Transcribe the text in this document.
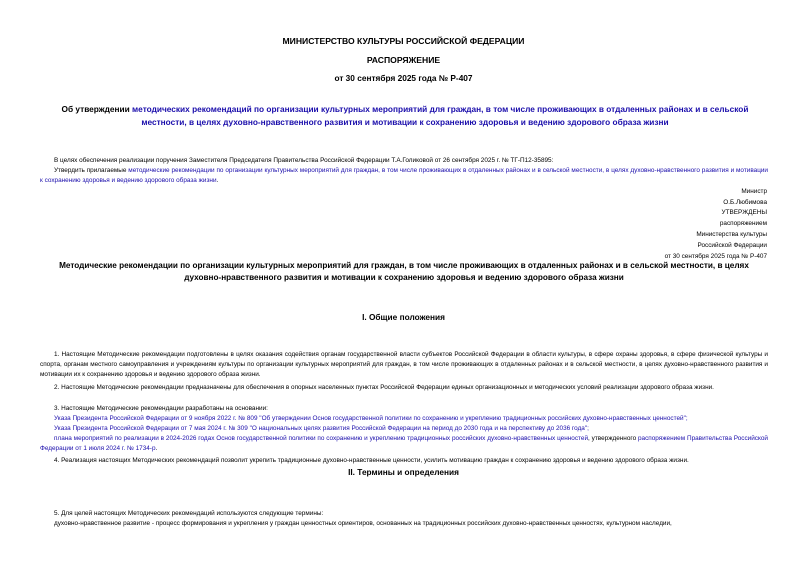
МИНИСТЕРСТВО КУЛЬТУРЫ РОССИЙСКОЙ ФЕДЕРАЦИИ
РАСПОРЯЖЕНИЕ
от 30 сентября 2025 года № Р-407
Об утверждении методических рекомендаций по организации культурных мероприятий для граждан, в том числе проживающих в отдаленных районах и в сельской местности, в целях духовно-нравственного развития и мотивации к сохранению здоровья и ведению здорового образа жизни
В целях обеспечения реализации поручения Заместителя Председателя Правительства Российской Федерации Т.А.Голиковой от 26 сентября 2025 г. № ТГ-П12-35895:
Утвердить прилагаемые методические рекомендации по организации культурных мероприятий для граждан, в том числе проживающих в отдаленных районах и в сельской местности, в целях духовно-нравственного развития и мотивации к сохранению здоровья и ведению здорового образа жизни.
Министр
О.Б.Любимова
УТВЕРЖДЕНЫ
распоряжением
Министерства культуры
Российской Федерации
от 30 сентября 2025 года № Р-407
Методические рекомендации по организации культурных мероприятий для граждан, в том числе проживающих в отдаленных районах и в сельской местности, в целях духовно-нравственного развития и мотивации к сохранению здоровья и ведению здорового образа жизни
I. Общие положения
1. Настоящие Методические рекомендации подготовлены в целях оказания содействия органам государственной власти субъектов Российской Федерации в области культуры, в сфере охраны здоровья, в сфере физической культуры и спорта, органам местного самоуправления и учреждениям культуры по организации культурных мероприятий для граждан, в том числе проживающих в отдаленных районах и в сельской местности, в целях духовно-нравственного развития и мотивации их к сохранению здоровья и ведению здорового образа жизни.
2. Настоящие Методические рекомендации предназначены для обеспечения в опорных населенных пунктах Российской Федерации единых организационных и методических условий реализации здорового образа жизни.
3. Настоящие Методические рекомендации разработаны на основании:
Указа Президента Российской Федерации от 9 ноября 2022 г. № 809 "Об утверждении Основ государственной политики по сохранению и укреплению традиционных российских духовно-нравственных ценностей";
Указа Президента Российской Федерации от 7 мая 2024 г. № 309 "О национальных целях развития Российской Федерации на период до 2030 года и на перспективу до 2036 года";
плана мероприятий по реализации в 2024-2026 годах Основ государственной политики по сохранению и укреплению традиционных российских духовно-нравственных ценностей, утвержденного распоряжением Правительства Российской Федерации от 1 июля 2024 г. № 1734-р.
4. Реализация настоящих Методических рекомендаций позволит укрепить традиционные духовно-нравственные ценности, усилить мотивацию граждан к сохранению здоровья и ведению здорового образа жизни.
II. Термины и определения
5. Для целей настоящих Методических рекомендаций используются следующие термины:
духовно-нравственное развитие - процесс формирования и укрепления у граждан ценностных ориентиров, основанных на традиционных российских духовно-нравственных ценностях, культурном наследии,
